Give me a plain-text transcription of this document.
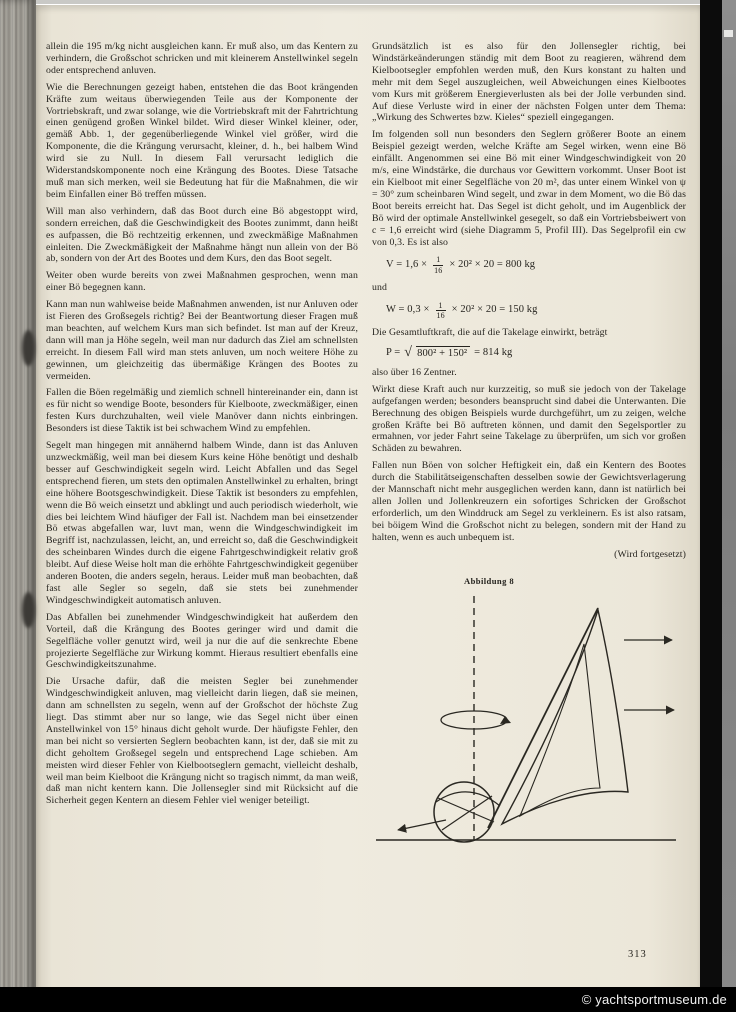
allein die 195 m/kg nicht ausgleichen kann. Er muß also, um das Kentern zu verhindern, die Großschot schricken und mit kleinerem Anstellwinkel segeln oder entsprechend anluven.

Wie die Berechnungen gezeigt haben, entstehen die das Boot krängenden Kräfte zum weitaus überwiegenden Teile aus der Komponente der Vortriebskraft, und zwar solange, wie die Vortriebskraft mit der Fahrtrichtung einen genügend großen Winkel bildet. Wird dieser Winkel kleiner, oder, gemäß Abb. 1, der gegenüberliegende Winkel viel größer, wird die Komponente, die die Krängung verursacht, kleiner, d. h., bei halbem Wind wird sie zu Null. In diesem Fall verursacht lediglich die Widerstandskomponente noch eine Krängung des Bootes. Diese Tatsache muß man sich merken, weil sie Bedeutung hat für die Maßnahmen, die wir beim Einfallen einer Bö treffen müssen.

Will man also verhindern, daß das Boot durch eine Bö abgestoppt wird, sondern erreichen, daß die Geschwindigkeit des Bootes zunimmt, dann heißt es aufpassen, die Bö rechtzeitig erkennen, und zweckmäßige Maßnahmen einleiten. Die Zweckmäßigkeit der Maßnahme hängt nun allein von der Bö ab, sondern von der Art des Bootes und dem Kurs, den das Boot segelt.

Weiter oben wurde bereits von zwei Maßnahmen gesprochen, wenn man einer Bö begegnen kann.

Kann man nun wahlweise beide Maßnahmen anwenden, ist nur Anluven oder ist Fieren des Großsegels richtig? Bei der Beantwortung dieser Fragen muß man beachten, auf welchem Kurs man sich befindet. Ist man auf der Kreuz, dann will man ja Höhe segeln, weil man nur dadurch das Ziel am schnellsten erreicht. In diesem Fall wird man stets anluven, um noch weitere Höhe zu gewinnen, um gleichzeitig das übermäßige Krängen des Bootes zu vermeiden.

Fallen die Böen regelmäßig und ziemlich schnell hintereinander ein, dann ist es für nicht so wendige Boote, besonders für Kielboote, zweckmäßiger, einen festen Kurs durchzuhalten, weil viele Manöver dann nichts einbringen. Besonders ist diese Taktik ist bei schwachem Wind zu empfehlen.

Segelt man hingegen mit annähernd halbem Winde, dann ist das Anluven unzweckmäßig, weil man bei diesem Kurs keine Höhe benötigt und deshalb besser auf Geschwindigkeit segeln wird. Leicht Abfallen und das Segel entsprechend fieren, um stets den optimalen Anstellwinkel zu erhalten, bringt eine höhere Bootsgeschwindigkeit. Diese Taktik ist besonders zu empfehlen, wenn die Bö weich einsetzt und abklingt und auch periodisch wiederholt, wie dies bei leichtem Wind häufiger der Fall ist. Nachdem man bei einsetzender Bö etwas abgefallen war, luvt man, wenn die Windgeschwindigkeit im Begriff ist, nachzulassen, leicht, an, und erreicht so, daß die Geschwindigkeit des scheinbaren Windes durch die eigene Fahrtgeschwindigkeit relativ groß bleibt. Auf diese Weise holt man die erhöhte Fahrtgeschwindigkeit gegenüber anderen Booten, die anders segeln, heraus. Leider muß man beobachten, daß fast alle Segler so segeln, daß sie stets bei zunehmender Windgeschwindigkeit automatisch anluven.

Das Abfallen bei zunehmender Windgeschwindigkeit hat außerdem den Vorteil, daß die Krängung des Bootes geringer wird und damit die Segelfläche voller genutzt wird, weil ja nur die auf die senkrechte Ebene projezierte Segelfläche zur Wirkung kommt. Hieraus resultiert ebenfalls eine Geschwindigkeitszunahme.

Die Ursache dafür, daß die meisten Segler bei zunehmender Windgeschwindigkeit anluven, mag vielleicht darin liegen, daß sie meinen, dann am schnellsten zu segeln, wenn auf der Großschot der höchste Zug liegt. Das stimmt aber nur so lange, wie das Segel nicht über einen Anstellwinkel von 15° hinaus dicht geholt wurde. Der häufigste Fehler, den man bei nicht so versierten Seglern beobachten kann, ist der, daß sie mit zu dicht geholtem Großsegel segeln und entsprechend Lage schieben. Am meisten wird dieser Fehler von Kielbootseglern gemacht, vielleicht deshalb, weil man beim Kielboot die Krängung nicht so tragisch nimmt, da man weiß, daß man nicht kentern kann. Die Jollensegler sind mit Rücksicht auf die Sicherheit gegen Kentern an diesem Fehler viel weniger beteiligt.

Grundsätzlich ist es also für den Jollensegler richtig, bei Windstärkeänderungen ständig mit dem Boot zu reagieren, während dem Kielbootsegler empfohlen werden muß, den Kurs konstant zu halten und mehr mit dem Segel auszugleichen, weil Abweichungen eines Kielbootes vom Kurs mit größerem Energieverlusten als bei der Jolle verbunden sind. Auf diese Verluste wird in einer der nächsten Folgen unter dem Thema: „Wirkung des Schwertes bzw. Kieles“ speziell eingegangen.

Im folgenden soll nun besonders den Seglern größerer Boote an einem Beispiel gezeigt werden, welche Kräfte am Segel wirken, wenn eine Bö einfällt. Angenommen sei eine Bö mit einer Windgeschwindigkeit von 20 m/s, eine Windstärke, die durchaus vor Gewittern vorkommt. Unser Boot ist ein Kielboot mit einer Segelfläche von 20 m², das unter einem Winkel von ψ = 30° zum scheinbaren Wind segelt, und zwar in dem Moment, wo die Bö das Boot bereits erreicht hat. Das Segel ist dicht geholt, und im Augenblick der Bö wird der optimale Anstellwinkel gesegelt, so daß ein Vortriebsbeiwert von c = 1,6 erreicht wird (siehe Diagramm 5, Profil III). Das Segelprofil ein cw von 0,3. Es ist also

$V = 1,6 \times \frac{1}{16} \times 20^2 \times 20 = 800$ kg

und

$W = 0,3 \times \frac{1}{16} \times 20^2 \times 20 = 150$ kg

Die Gesamtluftkraft, die auf die Takelage einwirkt, beträgt

P = √ 800² + 150² = 814 kg

also über 16 Zentner.

Wirkt diese Kraft auch nur kurzzeitig, so muß sie jedoch von der Takelage aufgefangen werden; besonders beansprucht sind dabei die Unterwanten. Die Berechnung des obigen Beispiels wurde durchgeführt, um zu zeigen, welche großen Kräfte bei Bö auftreten können, und damit den Segelsportler zu ermahnen, vor jeder Fahrt seine Takelage zu überprüfen, um sich vor großen Schäden zu bewahren.

Fallen nun Böen von solcher Heftigkeit ein, daß ein Kentern des Bootes durch die Stabilitätseigenschaften desselben sowie der Gewichtsverlagerung der Mannschaft nicht mehr ausgeglichen werden kann, dann ist natürlich bei allen Jollen und Jollenkreuzern ein sofortiges Schricken der Großschot erforderlich, um den Winddruck am Segel zu verkleinern. Es ist also ratsam, bei böigem Wind die Großschot nicht zu belegen, sondern mit der Hand zu halten, wenn es auch unbequem ist.

(Wird fortgesetzt)

Abbildung 8
313
© yachtsportmuseum.de
